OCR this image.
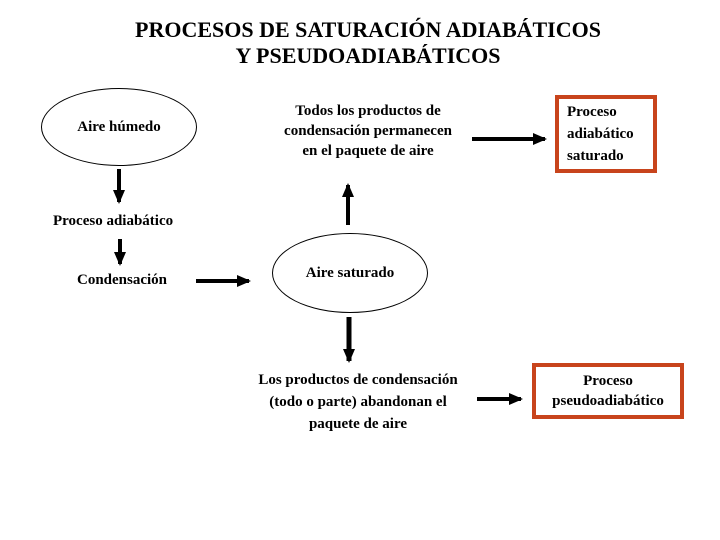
PROCESOS DE SATURACIÓN ADIABÁTICOS
Y PSEUDOADIABÁTICOS
Aire húmedo
Proceso adiabático
Condensación	Aire saturado
Todos los productos de
condensación permanecen
en el paquete de aire
Proceso
adiabático
saturado
Los productos de condensación
(todo o parte) abandonan el
paquete de aire
Proceso
pseudoadiabático
